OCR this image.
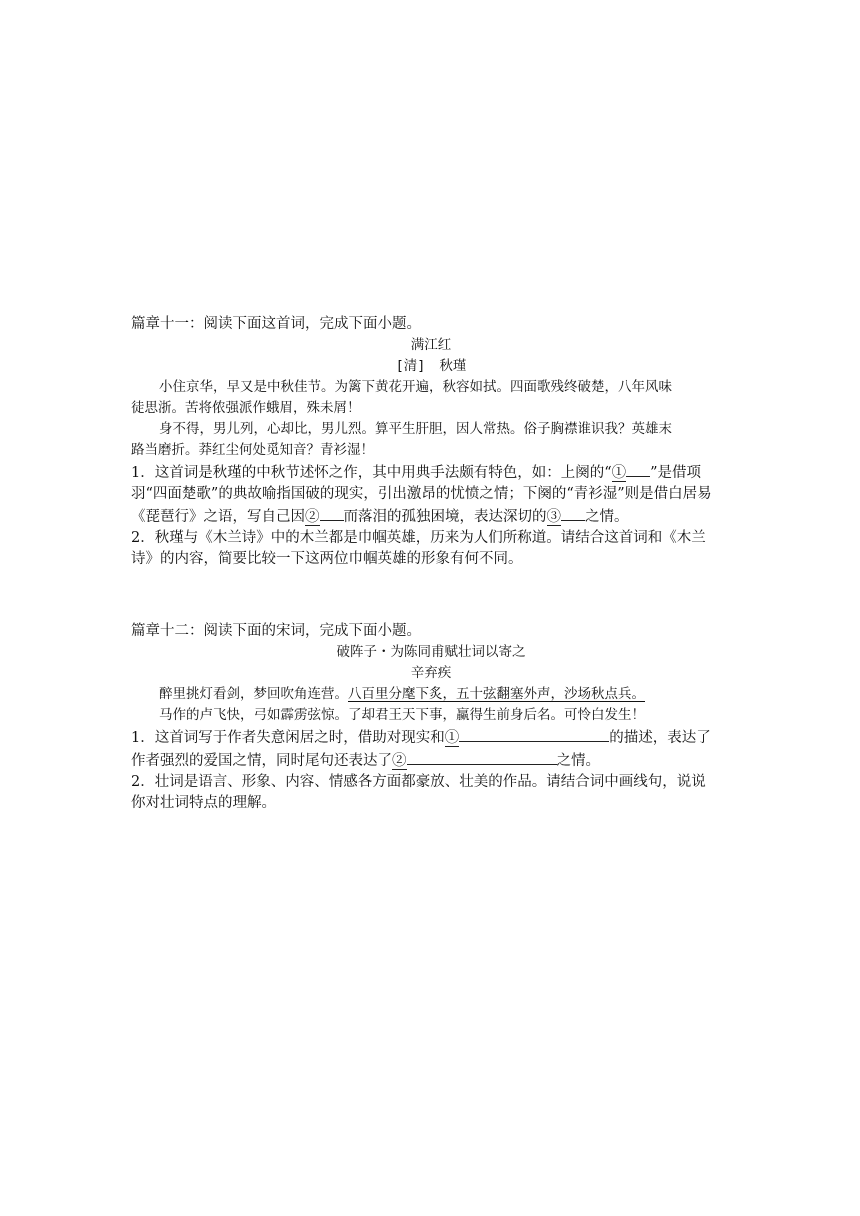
篇章十一：阅读下面这首词，完成下面小题。
满江红
[清] 秋瑾
小住京华，早又是中秋佳节。为篱下黄花开遍，秋容如拭。四面歌残终破楚，八年风味
徒思浙。苦将侬强派作蛾眉，殊未屑！
身不得，男儿列，心却比，男儿烈。算平生肝胆，因人常热。俗子胸襟谁识我？英雄末
路当磨折。莽红尘何处觅知音？青衫湿！
1．这首词是秋瑾的中秋节述怀之作，其中用典手法颇有特色，如：上阕的“① ”是借项
羽“四面楚歌”的典故喻指国破的现实，引出激昂的忧愤之情；下阕的“青衫湿”则是借白居易
《琵琶行》之语，写自己因② 而落泪的孤独困境，表达深切的③ 之情。
2．秋瑾与《木兰诗》中的木兰都是巾帼英雄，历来为人们所称道。请结合这首词和《木兰
诗》的内容，简要比较一下这两位巾帼英雄的形象有何不同。
篇章十二：阅读下面的宋词，完成下面小题。
破阵子・为陈同甫赋壮词以寄之
辛弃疾
醉里挑灯看剑，梦回吹角连营。八百里分麾下炙，五十弦翻塞外声，沙场秋点兵。
马作的卢飞快，弓如霹雳弦惊。了却君王天下事，赢得生前身后名。可怜白发生！
1．这首词写于作者失意闲居之时，借助对现实和①	的描述，表达了
作者强烈的爱国之情，同时尾句还表达了②	之情。
2．壮词是语言、形象、内容、情感各方面都豪放、壮美的作品。请结合词中画线句，说说
你对壮词特点的理解。
